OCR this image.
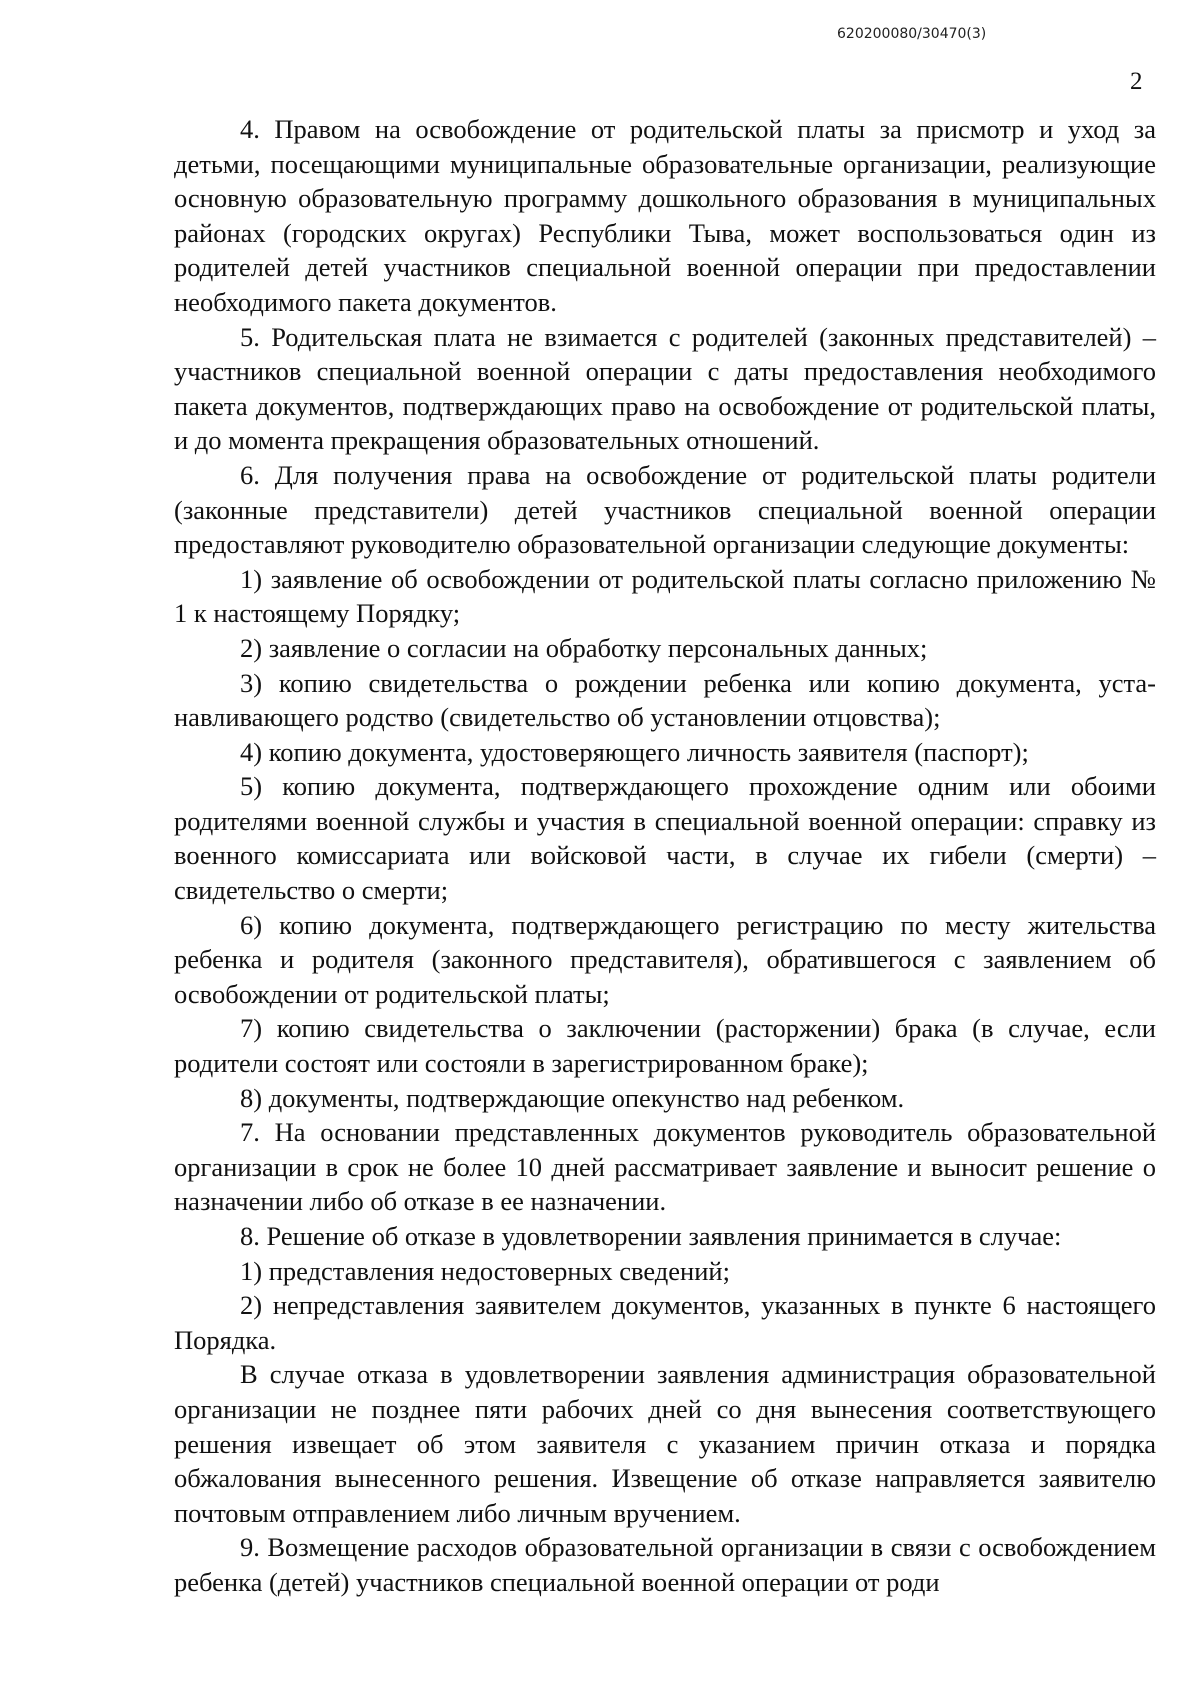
620200080/30470(3)
2

4. Правом на освобождение от родительской платы за присмотр и уход за детьми, посещающими муниципальные образовательные организации, реализующие основную образовательную программу дошкольного образования в муниципальных районах (городских округах) Республики Тыва, может воспользоваться один из родителей детей участников специальной военной операции при предоставлении необходимого пакета документов.

5. Родительская плата не взимается с родителей (законных представителей) – участников специальной военной операции с даты предоставления необходимого пакета документов, подтверждающих право на освобождение от родительской платы, и до момента прекращения образовательных отношений.

6. Для получения права на освобождение от родительской платы родители (законные представители) детей участников специальной военной операции предоставляют руководителю образовательной организации следующие документы:

1) заявление об освобождении от родительской платы согласно приложению № 1 к настоящему Порядку;

2) заявление о согласии на обработку персональных данных;

3) копию свидетельства о рождении ребенка или копию документа, устанавливающего родство (свидетельство об установлении отцовства);

4) копию документа, удостоверяющего личность заявителя (паспорт);

5) копию документа, подтверждающего прохождение одним или обоими родителями военной службы и участия в специальной военной операции: справку из военного комиссариата или войсковой части, в случае их гибели (смерти) – свидетельство о смерти;

6) копию документа, подтверждающего регистрацию по месту жительства ребенка и родителя (законного представителя), обратившегося с заявлением об освобождении от родительской платы;

7) копию свидетельства о заключении (расторжении) брака (в случае, если родители состоят или состояли в зарегистрированном браке);

8) документы, подтверждающие опекунство над ребенком.

7. На основании представленных документов руководитель образовательной организации в срок не более 10 дней рассматривает заявление и выносит решение о назначении либо об отказе в ее назначении.

8. Решение об отказе в удовлетворении заявления принимается в случае:

1) представления недостоверных сведений;

2) непредставления заявителем документов, указанных в пункте 6 настоящего Порядка.

В случае отказа в удовлетворении заявления администрация образовательной организации не позднее пяти рабочих дней со дня вынесения соответствующего решения извещает об этом заявителя с указанием причин отказа и порядка обжалования вынесенного решения. Извещение об отказе направляется заявителю почтовым отправлением либо личным вручением.

9. Возмещение расходов образовательной организации в связи с освобождением ребенка (детей) участников специальной военной операции от роди
